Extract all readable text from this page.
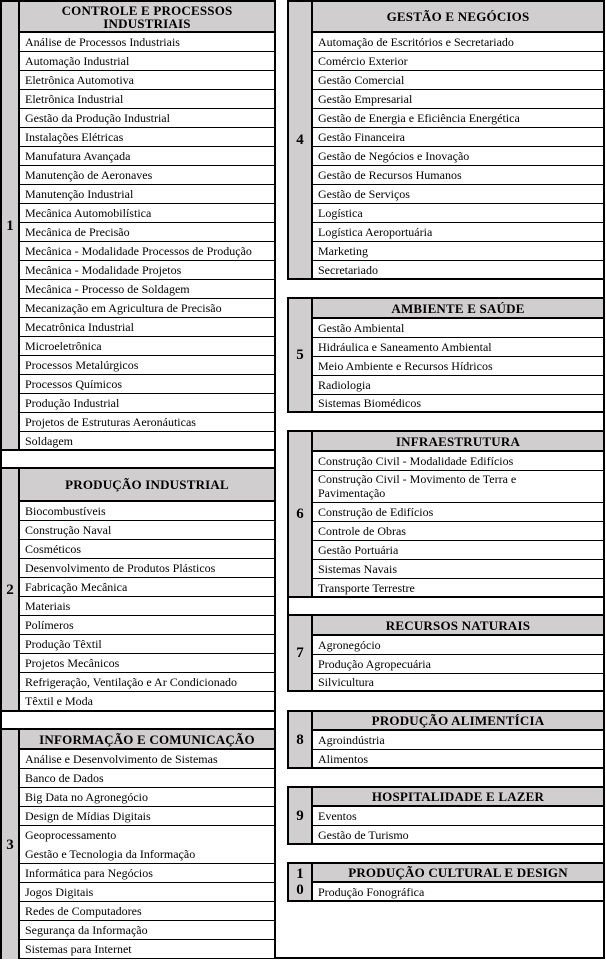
1
CONTROLE E PROCESSOS INDUSTRIAIS
Análise de Processos Industriais
Automação Industrial
Eletrônica Automotiva
Eletrônica Industrial
Gestão da Produção Industrial
Instalações Elétricas
Manufatura Avançada
Manutenção de Aeronaves
Manutenção Industrial
Mecânica Automobilística
Mecânica de Precisão
Mecânica - Modalidade Processos de Produção
Mecânica - Modalidade Projetos
Mecânica - Processo de Soldagem
Mecanização em Agricultura de Precisão
Mecatrônica Industrial
Microeletrônica
Processos Metalúrgicos
Processos Químicos
Produção Industrial
Projetos de Estruturas Aeronáuticas
Soldagem
2
PRODUÇÃO INDUSTRIAL
Biocombustíveis
Construção Naval
Cosméticos
Desenvolvimento de Produtos Plásticos
Fabricação Mecânica
Materiais
Polímeros
Produção Têxtil
Projetos Mecânicos
Refrigeração, Ventilação e Ar Condicionado
Têxtil e Moda
3
INFORMAÇÃO E COMUNICAÇÃO
Análise e Desenvolvimento de Sistemas
Banco de Dados
Big Data no Agronegócio
Design de Mídias Digitais
Geoprocessamento
Gestão e Tecnologia da Informação
Informática para Negócios
Jogos Digitais
Redes de Computadores
Segurança da Informação
Sistemas para Internet
4
GESTÃO E NEGÓCIOS
Automação de Escritórios e Secretariado
Comércio Exterior
Gestão Comercial
Gestão Empresarial
Gestão de Energia e Eficiência Energética
Gestão Financeira
Gestão de Negócios e Inovação
Gestão de Recursos Humanos
Gestão de Serviços
Logística
Logística Aeroportuária
Marketing
Secretariado
5
AMBIENTE E SAÚDE
Gestão Ambiental
Hidráulica e Saneamento Ambiental
Meio Ambiente e Recursos Hídricos
Radiologia
Sistemas Biomédicos
6
INFRAESTRUTURA
Construção Civil - Modalidade Edifícios
Construção Civil - Movimento de Terra e Pavimentação
Construção de Edifícios
Controle de Obras
Gestão Portuária
Sistemas Navais
Transporte Terrestre
7
RECURSOS NATURAIS
Agronegócio
Produção Agropecuária
Silvicultura
8
PRODUÇÃO ALIMENTÍCIA
Agroindústria
Alimentos
9
HOSPITALIDADE E LAZER
Eventos
Gestão de Turismo
1
0
PRODUÇÃO CULTURAL E DESIGN
Produção Fonográfica
